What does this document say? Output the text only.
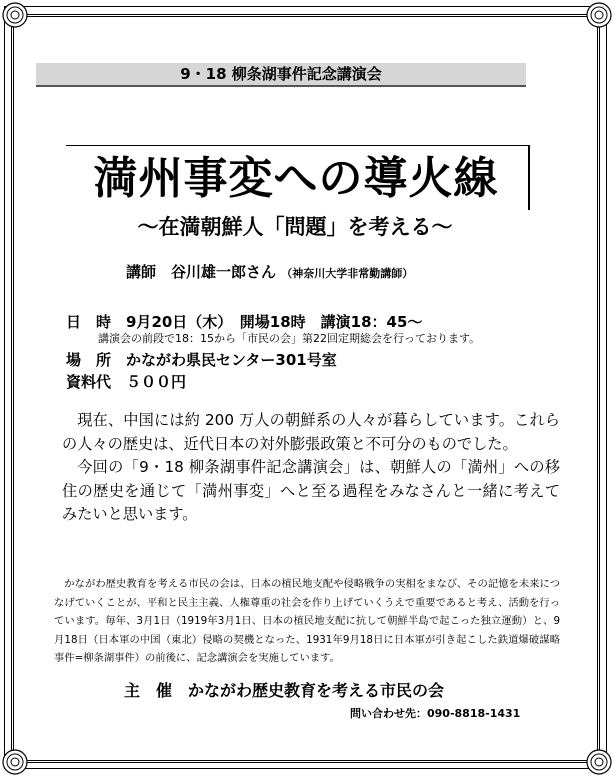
9・18 柳条湖事件記念講演会
満州事変への導火線
～在満朝鮮人「問題」を考える～
講師　谷川雄一郎さん （神奈川大学非常勤講師）
日　時　9月20日（木）　開場18時　講演18：45～
講演会の前段で18：15から「市民の会」第22回定期総会を行っております。
場　所　かながわ県民センター301号室
資料代　５００円

現在、中国には約 200 万人の朝鮮系の人々が暮らしています。これらの人々の歴史は、近代日本の対外膨張政策と不可分のものでした。

今回の「9・18 柳条湖事件記念講演会」は、朝鮮人の「満州」への移住の歴史を通じて「満州事変」へと至る過程をみなさんと一緒に考えてみたいと思います。

かながわ歴史教育を考える市民の会は、日本の植民地支配や侵略戦争の実相をまなび、その記憶を未来につなげていくことが、平和と民主主義、人権尊重の社会を作り上げていくうえで重要であると考え、活動を行っています。毎年、3月1日（1919年3月1日、日本の植民地支配に抗して朝鮮半島で起こった独立運動）と、9月18日（日本軍の中国（東北）侵略の契機となった、1931年9月18日に日本軍が引き起こした鉄道爆破謀略事件=柳条湖事件）の前後に、記念講演会を実施しています。

主　催　かながわ歴史教育を考える市民の会
問い合わせ先：090-8818-1431
